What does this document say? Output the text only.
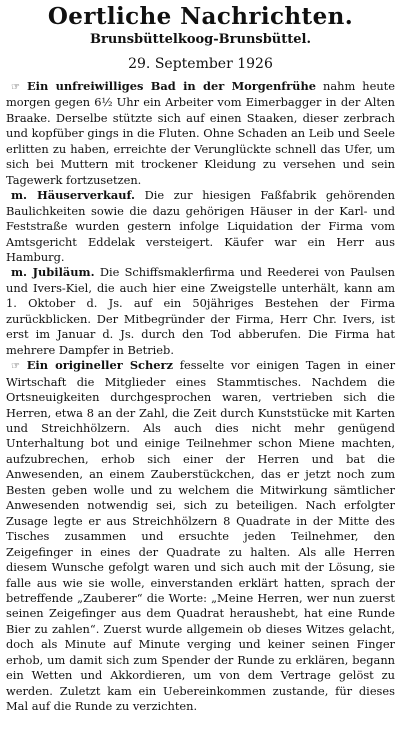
Oertliche Nachrichten.
Brunsbüttelkoog-Brunsbüttel.
29. September 1926

☞ Ein unfreiwilliges Bad in der Morgenfrühe nahm heute morgen gegen 6½ Uhr ein Arbeiter vom Eimerbagger in der Alten Braake. Derselbe stützte sich auf einen Staaken, dieser zerbrach und kopfüber gings in die Fluten. Ohne Schaden an Leib und Seele erlitten zu haben, erreichte der Verunglückte schnell das Ufer, um sich bei Muttern mit trockener Kleidung zu versehen und sein Tagewerk fortzusetzen.

m. Häuserverkauf. Die zur hiesigen Faßfabrik gehörenden Baulichkeiten sowie die dazu gehörigen Häuser in der Karl- und Feststraße wurden gestern infolge Liquidation der Firma vom Amtsgericht Eddelak versteigert. Käufer war ein Herr aus Hamburg.

m. Jubiläum. Die Schiffsmaklerfirma und Reederei von Paulsen und Ivers-Kiel, die auch hier eine Zweigstelle unterhält, kann am 1. Oktober d. Js. auf ein 50jähriges Bestehen der Firma zurückblicken. Der Mitbegründer der Firma, Herr Chr. Ivers, ist erst im Januar d. Js. durch den Tod abberufen. Die Firma hat mehrere Dampfer in Betrieb.

☞ Ein origineller Scherz fesselte vor einigen Tagen in einer Wirtschaft die Mitglieder eines Stammtisches. Nachdem die Ortsneuigkeiten durchgesprochen waren, vertrieben sich die Herren, etwa 8 an der Zahl, die Zeit durch Kunststücke mit Karten und Streichhölzern. Als auch dies nicht mehr genügend Unterhaltung bot und einige Teilnehmer schon Miene machten, aufzubrechen, erhob sich einer der Herren und bat die Anwesenden, an einem Zauberstückchen, das er jetzt noch zum Besten geben wolle und zu welchem die Mitwirkung sämtlicher Anwesenden notwendig sei, sich zu beteiligen. Nach erfolgter Zusage legte er aus Streichhölzern 8 Quadrate in der Mitte des Tisches zusammen und ersuchte jeden Teilnehmer, den Zeigefinger in eines der Quadrate zu halten. Als alle Herren diesem Wunsche gefolgt waren und sich auch mit der Lösung, sie falle aus wie sie wolle, einverstanden erklärt hatten, sprach der betreffende „Zauberer“ die Worte: „Meine Herren, wer nun zuerst seinen Zeigefinger aus dem Quadrat heraushebt, hat eine Runde Bier zu zahlen“. Zuerst wurde allgemein ob dieses Witzes gelacht, doch als Minute auf Minute verging und keiner seinen Finger erhob, um damit sich zum Spender der Runde zu erklären, begann ein Wetten und Akkordieren, um von dem Vertrage gelöst zu werden. Zuletzt kam ein Uebereinkommen zustande, für dieses Mal auf die Runde zu verzichten.
